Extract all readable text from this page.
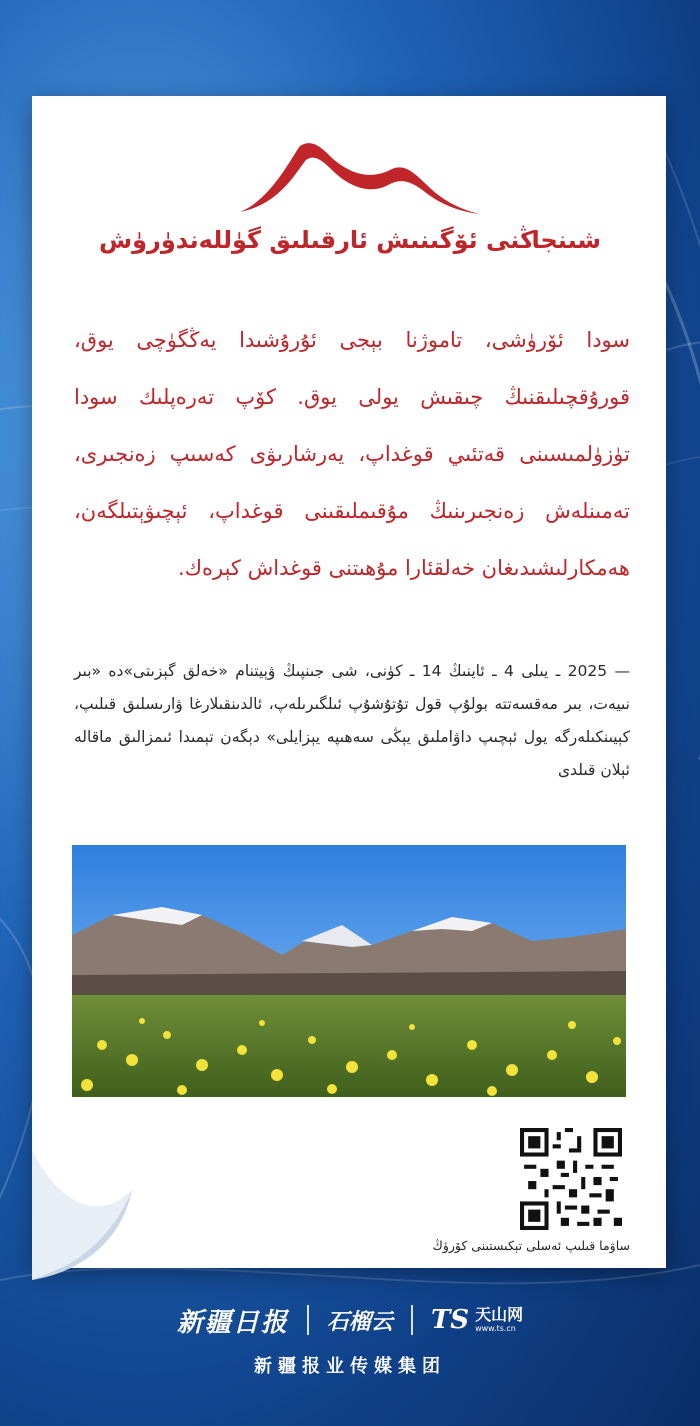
شىنجاڭنى ئۆگىنىش ئارقىلىق گۈللەندۈرۈش
سودا ئۆرۈشى، تاموژنا بېجى ئۇرۇشىدا يەڭگۈچى يوق، قورۇقچىلىقنىڭ چىقىش يولى يوق. كۆپ تەرەپلىك سودا تۈزۈلمىسىنى قەتئىي قوغداپ، يەرشارىۋى كەسىپ زەنجىرى، تەمىنلەش زەنجىرىنىڭ مۇقىملىقىنى قوغداپ، ئېچىۋېتىلگەن، ھەمكارلىشىدىغان خەلقئارا مۇھىتنى قوغداش كېرەك.
— 2025 ـ يىلى 4 ـ ئاينىڭ 14 ـ كۈنى، شى جىنپىڭ ۋېيتنام «خەلق گېزىتى»دە «بىر نىيەت، بىر مەقسەتتە بولۇپ قول تۇتۇشۇپ ئىلگىرىلەپ، ئالدىنقىلارغا ۋارىسلىق قىلىپ، كېيىنكىلەرگە يول ئېچىپ داۋاملىق يېڭى سەھىپە يېزايلى» دېگەن تېمىدا ئىمزالىق ماقالە ئېلان قىلدى
ساۋما قىلىپ ئەسلى تېكىستىنى كۆرۈڭ
新疆日报 石榴云 TS 天山网
www.ts.cn
新疆报业传媒集团
